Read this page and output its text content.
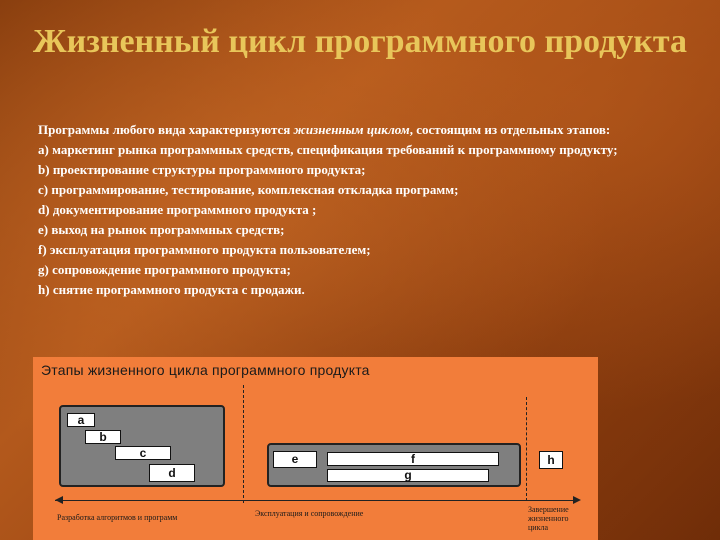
Жизненный цикл программного продукта

Программы любого вида характеризуются жизненным циклом, состоящим из отдельных этапов:

a) маркетинг рынка программных средств, спецификация требований к программному продукту;

b) проектирование структуры программного продукта;

c) программирование, тестирование, комплексная откладка программ;

d) документирование программного продукта ;

e) выход на рынок программных средств;

f) эксплуатация программного продукта пользователем;

g) сопровождение программного продукта;

h) снятие программного продукта с продажи.

Этапы жизненного цикла программного продукта
a
b
c
d
e	f
g
h
Разработка алгоритмов и программ	Эксплуатация и сопровождение	Завершение
жизненного
цикла
